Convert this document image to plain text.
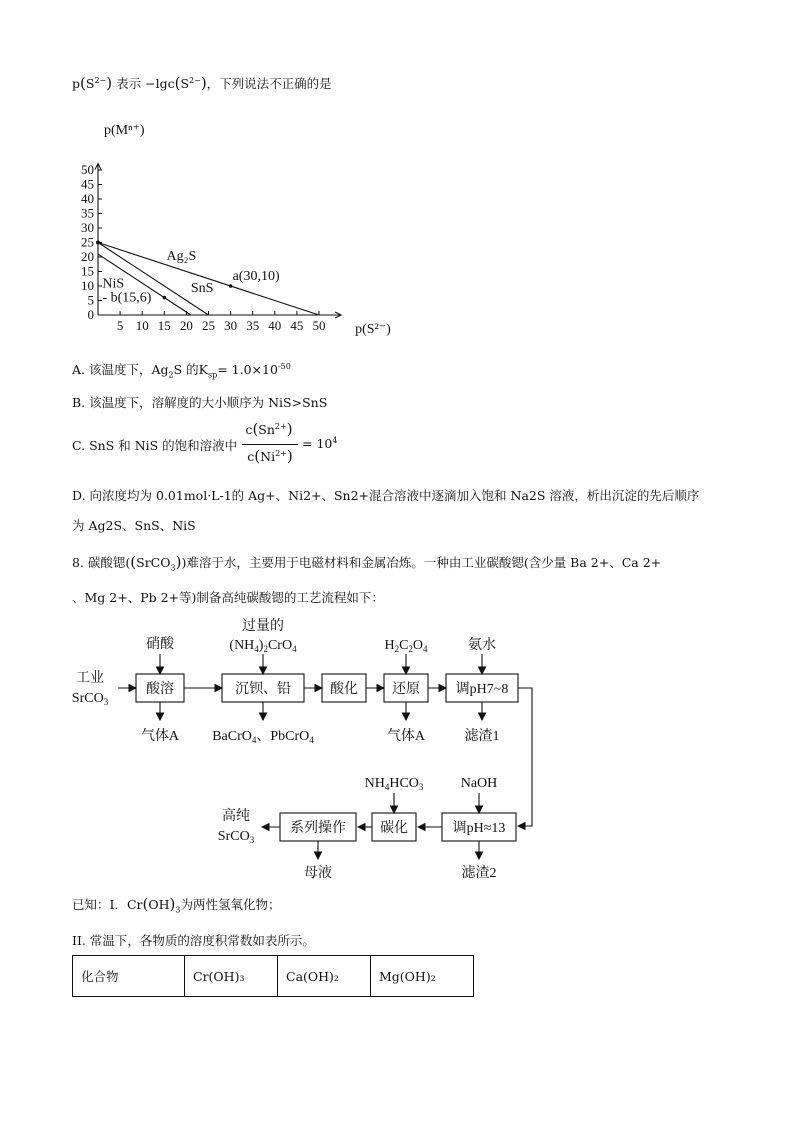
$p(S^{2-})$ 表示 $-\lg c(S^{2-})$，下列说法不正确的是
5 10 15 20 25 30 35 40 45 50
5
10
15
20
25
30
35
40
45
50
0
p(Mⁿ⁺)
p(S²⁻)
Ag₂S
SnS
NiS	a(30,10)
- b(15,6)
A. 该温度下，$Ag_2S$ 的$K_{sp}= 1.0\times 10^{-50}$
B. 该温度下，溶解度的大小顺序为 NiS>SnS
C. SnS 和 NiS 的饱和溶液中
$c(Sn^{2+})$
$c(Ni^{2+})$
= $10^4$
D. 向浓度均为 0.01mol·L-1的 Ag+、Ni2+、Sn2+混合溶液中逐滴加入饱和 Na2S 溶液，析出沉淀的先后顺序
为 Ag2S、SnS、NiS
8. 碳酸锶((SrCO$_3$))难溶于水，主要用于电磁材料和金属冶炼。一种由工业碳酸锶(含少量 Ba 2+、Ca 2+
、Mg 2+、Pb 2+等)制备高纯碳酸锶的工艺流程如下：
工业
SrCO$_3$
硝酸
过量的
$(NH_4)_2CrO_4$	$H_2C_2O_4$	氨水
酸溶	沉钡、铅	酸化 还原	调pH7~8
气体A BaCrO$_4$、PbCrO$_4$	气体A	滤渣1
$NH_4HCO_3$	NaOH
系列操作 碳化	调pH≈13
高纯
SrCO$_3$
母液	滤渣2
已知：I．$Cr(OH)_3$为两性氢氧化物；
II. 常温下，各物质的溶度积常数如表所示。
化合物	Cr(OH)₃	Ca(OH)₂	Mg(OH)₂
